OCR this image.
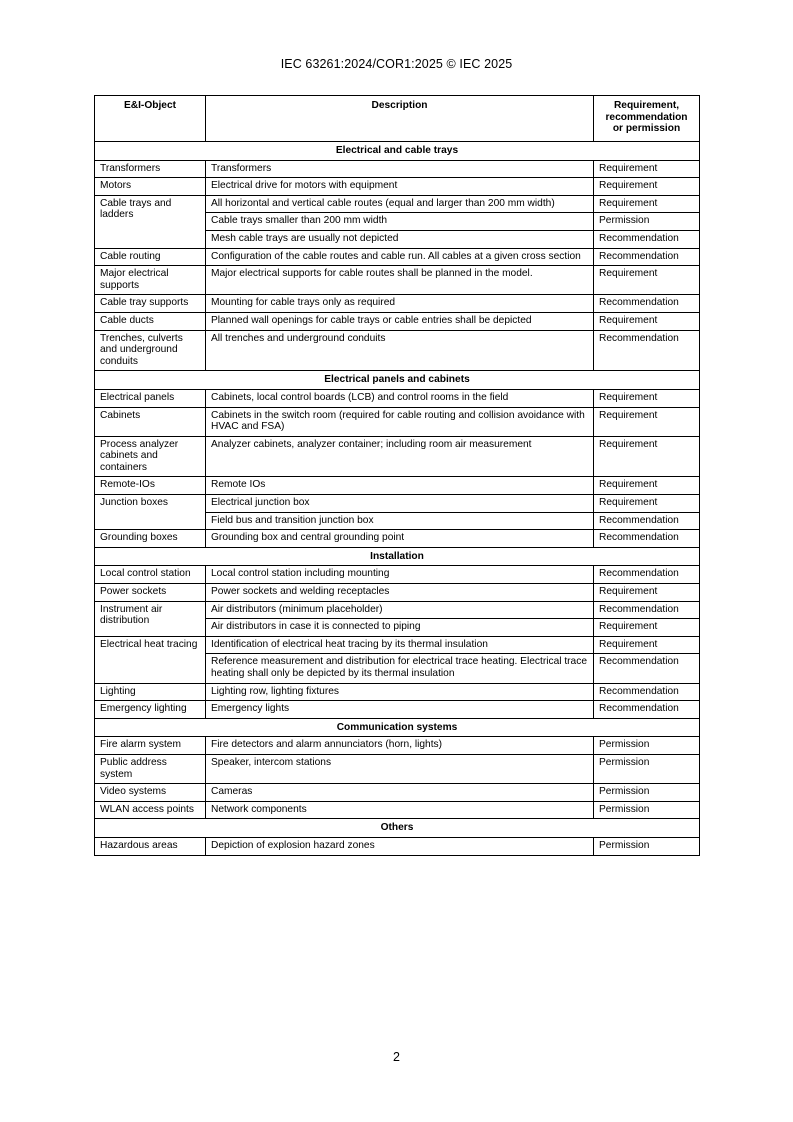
IEC 63261:2024/COR1:2025 © IEC 2025
E&I-Object	Description	Requirement, recommendation or permission
Electrical and cable trays		
Transformers	Transformers	Requirement
Motors	Electrical drive for motors with equipment	Requirement
Cable trays and ladders	All horizontal and vertical cable routes (equal and larger than 200 mm width)	Requirement
	Cable trays smaller than 200 mm width	Permission
	Mesh cable trays are usually not depicted	Recommendation
Cable routing	Configuration of the cable routes and cable run. All cables at a given cross section	Recommendation
Major electrical supports	Major electrical supports for cable routes shall be planned in the model.	Requirement
Cable tray supports	Mounting for cable trays only as required	Recommendation
Cable ducts	Planned wall openings for cable trays or cable entries shall be depicted	Requirement
Trenches, culverts and underground conduits	All trenches and underground conduits	Recommendation
Electrical panels and cabinets		
Electrical panels	Cabinets, local control boards (LCB) and control rooms in the field	Requirement
Cabinets	Cabinets in the switch room (required for cable routing and collision avoidance with HVAC and FSA)	Requirement
Process analyzer cabinets and containers	Analyzer cabinets, analyzer container; including room air measurement	Requirement
Remote-IOs	Remote IOs	Requirement
Junction boxes	Electrical junction box	Requirement
	Field bus and transition junction box	Recommendation
Grounding boxes	Grounding box and central grounding point	Recommendation
Installation		
Local control station	Local control station including mounting	Recommendation
Power sockets	Power sockets and welding receptacles	Requirement
Instrument air distribution	Air distributors (minimum placeholder)	Recommendation
	Air distributors in case it is connected to piping	Requirement
Electrical heat tracing	Identification of electrical heat tracing by its thermal insulation	Requirement
	Reference measurement and distribution for electrical trace heating. Electrical trace heating shall only be depicted by its thermal insulation	Recommendation
Lighting	Lighting row, lighting fixtures	Recommendation
Emergency lighting	Emergency lights	Recommendation
Communication systems		
Fire alarm system	Fire detectors and alarm annunciators (horn, lights)	Permission
Public address system	Speaker, intercom stations	Permission
Video systems	Cameras	Permission
WLAN access points	Network components	Permission
Others		
Hazardous areas	Depiction of explosion hazard zones	Permission
2
